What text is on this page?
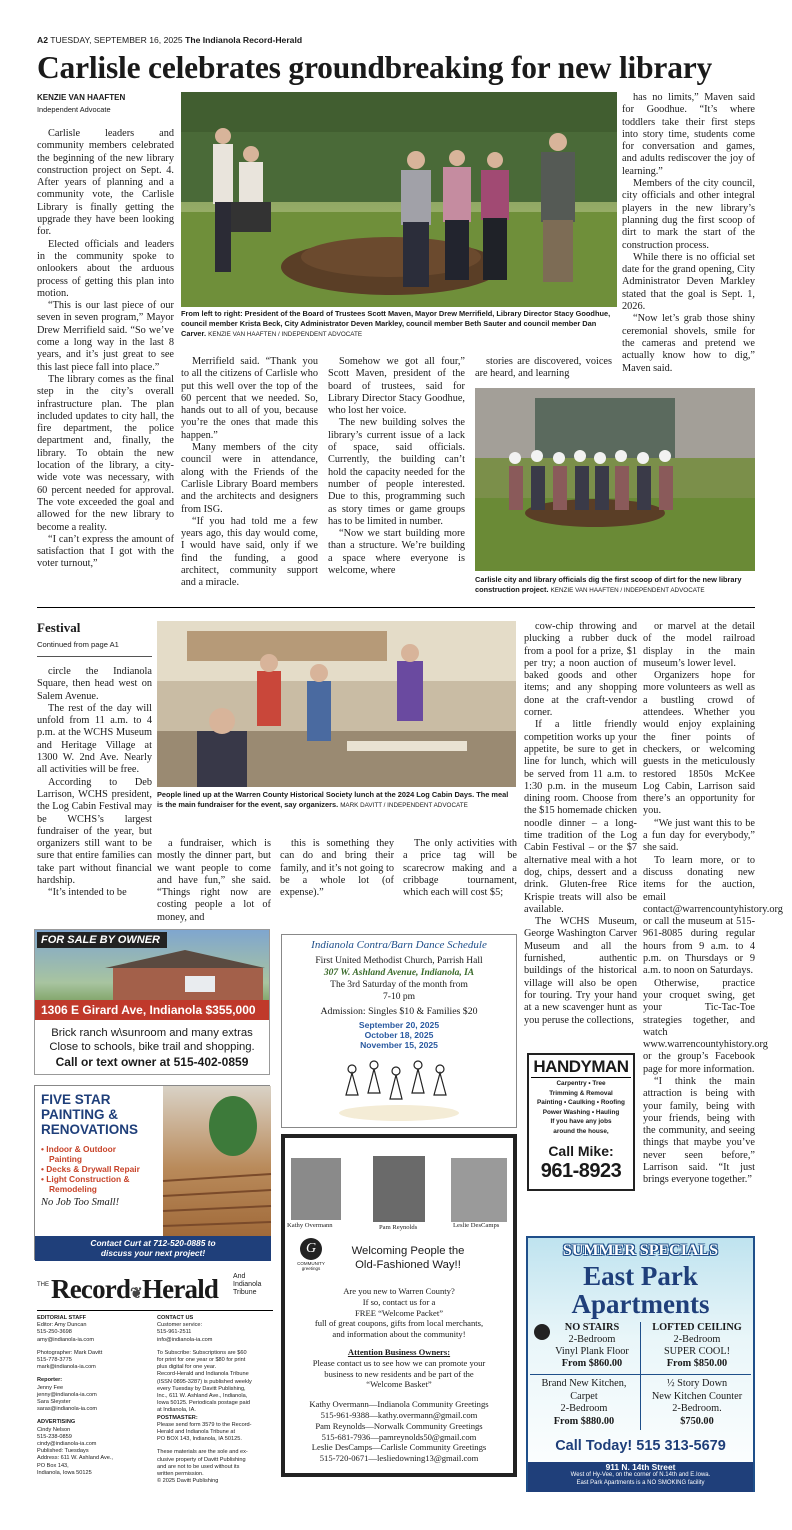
A2 TUESDAY, SEPTEMBER 16, 2025 The Indianola Record-Herald
Carlisle celebrates groundbreaking for new library
KENZIE VAN HAAFTEN
Independent Advocate

Carlisle leaders and community members celebrated the beginning of the new library construction project on Sept. 4. After years of planning and a community vote, the Carlisle Library is finally getting the upgrade they have been looking for.

Elected officials and leaders in the community spoke to onlookers about the arduous process of getting this plan into motion.

“This is our last piece of our seven in seven program,” Mayor Drew Merrifield said. “So we’ve come a long way in the last 8 years, and it’s just great to see this last piece fall into place.”

The library comes as the final step in the city’s overall infrastructure plan. The plan included updates to city hall, the fire department, the police department and, finally, the library. To obtain the new location of the library, a city-wide vote was necessary, with 60 percent needed for approval. The vote exceeded the goal and allowed for the new library to become a reality.

“I can’t express the amount of satisfaction that I got with the voter turnout,”

From left to right: President of the Board of Trustees Scott Maven, Mayor Drew Merrifield, Library Director Stacy Goodhue, council member Krista Beck, City Administrator Deven Markley, council member Beth Sauter and council member Dan Carver. KENZIE VAN HAAFTEN / INDEPENDENT ADVOCATE

Merrifield said. “Thank you to all the citizens of Carlisle who put this well over the top of the 60 percent that we needed. So, hands out to all of you, because you’re the ones that made this happen.”

Many members of the city council were in attendance, along with the Friends of the Carlisle Library Board members and the architects and designers from ISG.

“If you had told me a few years ago, this day would come, I would have said, only if we find the funding, a good architect, community support and a miracle.

Somehow we got all four,” Scott Maven, president of the board of trustees, said for Library Director Stacy Goodhue, who lost her voice.

The new building solves the library’s current issue of a lack of space, said officials. Currently, the building can’t hold the capacity needed for the number of people interested. Due to this, programming such as story times or game groups has to be limited in number.

“Now we start building more than a structure. We’re building a space where everyone is welcome, where

stories are discovered, voices are heard, and learning

has no limits,” Maven said for Goodhue. “It’s where toddlers take their first steps into story time, students come for conversation and games, and adults rediscover the joy of learning.”

Members of the city council, city officials and other integral players in the new library’s planning dug the first scoop of dirt to mark the start of the construction process.

While there is no official set date for the grand opening, City Administrator Deven Markley stated that the goal is Sept. 1, 2026.

“Now let’s grab those shiny ceremonial shovels, smile for the cameras and pretend we actually know how to dig,” Maven said.

Carlisle city and library officials dig the first scoop of dirt for the new library construction project. KENZIE VAN HAAFTEN / INDEPENDENT ADVOCATE
Festival
Continued from page A1

circle the Indianola Square, then head west on Salem Avenue.

The rest of the day will unfold from 11 a.m. to 4 p.m. at the WCHS Museum and Heritage Village at 1300 W. 2nd Ave. Nearly all activities will be free.

According to Deb Larrison, WCHS president, the Log Cabin Festival may be WCHS’s largest fundraiser of the year, but organizers still want to be sure that entire families can take part without financial hardship.

“It’s intended to be

People lined up at the Warren County Historical Society lunch at the 2024 Log Cabin Days. The meal is the main fundraiser for the event, say organizers. MARK DAVITT / INDEPENDENT ADVOCATE

a fundraiser, which is mostly the dinner part, but we want people to come and have fun,” she said. “Things right now are costing people a lot of money, and

this is something they can do and bring their family, and it’s not going to be a whole lot (of expense).”

The only activities with a price tag will be scarecrow making and a cribbage tournament, which each will cost $5;

cow-chip throwing and plucking a rubber duck from a pool for a prize, $1 per try; a noon auction of baked goods and other items; and any shopping done at the craft-vendor corner.

If a little friendly competition works up your appetite, be sure to get in line for lunch, which will be served from 11 a.m. to 1:30 p.m. in the museum dining room. Choose from the $15 homemade chicken noodle dinner – a long-time tradition of the Log Cabin Festival – or the $7 alternative meal with a hot dog, chips, dessert and a drink. Gluten-free Rice Krispie treats will also be available.

The WCHS Museum, George Washington Carver Museum and all the furnished, authentic buildings of the historical village will also be open for touring. Try your hand at a new scavenger hunt as you peruse the collections,

or marvel at the detail of the model railroad display in the main museum’s lower level.

Organizers hope for more volunteers as well as a bustling crowd of attendees. Whether you would enjoy explaining the finer points of checkers, or welcoming guests in the meticulously restored 1850s McKee Log Cabin, Larrison said there’s an opportunity for you.

“We just want this to be a fun day for everybody,” she said.

To learn more, or to discuss donating new items for the auction, email contact@warrencountyhistory.org or call the museum at 515-961-8085 during regular hours from 9 a.m. to 4 p.m. on Thursdays or 9 a.m. to noon on Saturdays.

Otherwise, practice your croquet swing, get your Tic-Tac-Toe strategies together, and watch www.warrencountyhistory.org or the group’s Facebook page for more information.

“I think the main attraction is being with your family, being with your friends, being with the community, and seeing things that maybe you’ve never seen before,” Larrison said. “It just brings everyone together.”

FOR SALE BY OWNER
1306 E Girard Ave, Indianola $355,000
Brick ranch w\sunroom and many extras
Close to schools, bike trail and shopping.
Call or text owner at 515-402-0859
FIVE STAR
PAINTING &
RENOVATIONS
• Indoor & Outdoor
Painting
• Decks & Drywall Repair
• Light Construction &
Remodeling
No Job Too Small!
Contact Curt at 712-520-0885 to
discuss your next project!
Indianola Contra/Barn Dance Schedule
First United Methodist Church, Parrish Hall
307 W. Ashland Avenue, Indianola, IA
The 3rd Saturday of the month from
7-10 pm
Admission: Singles $10 & Families $20
September 20, 2025
October 18, 2025
November 15, 2025
HANDYMAN
Carpentry • Tree
Trimming & Removal
Painting • Caulking • Roofing
Power Washing • Hauling
If you have any jobs
around the house,
Call Mike:
961-8923
Kathy Overmann	Pam Reynolds	Leslie DesCamps
G
COMMUNITY greetings
Welcoming People the
Old-Fashioned Way!!
Are you new to Warren County?
If so, contact us for a
FREE “Welcome Packet”
full of great coupons, gifts from local merchants,
and information about the community!
Attention Business Owners:
Please contact us to see how we can promote your
business to new residents and be part of the
“Welcome Basket”
Kathy Overmann—Indianola Community Greetings
515-961-9388—kathy.overmann@gmail.com
Pam Reynolds—Norwalk Community Greetings
515-681-7936—pamreynolds50@gmail.com
Leslie DesCamps—Carlisle Community Greetings
515-720-0671—lesliedowning13@gmail.com
SUMMER SPECIALS
East Park
Apartments
NO STAIRS
2-Bedroom
Vinyl Plank Floor
From $860.00
LOFTED CEILING
2-Bedroom
SUPER COOL!
From $850.00
Brand New Kitchen,
Carpet
2-Bedroom
From $880.00
½ Story Down
New Kitchen Counter
2-Bedroom.
$750.00
Call Today! 515 313-5679
911 N. 14th Street
West of Hy-Vee, on the corner of N.14th and E.Iowa.
East Park Apartments is a NO SMOKING facility
THE Record❦Herald And
Indianola
Tribune
EDITORIAL STAFF
Editor: Amy Duncan
515-250-3698
amy@indianola-ia.com
Photographer: Mark Davitt
515-778-3775
mark@indianola-ia.com
Reporter:
Jenny Fee
jenny@indianola-ia.com
Sara Sleyster
saras@indianola-ia.com
ADVERTISING
Cindy Nelson
515-238-0859
cindy@indianola-ia.com
Published: Tuesdays
Address: 611 W. Ashland Ave.,
PO Box 143,
Indianola, Iowa 50125
CONTACT US
Customer service:
515-961-2511
info@indianola-ia.com
To Subscribe: Subscriptions are $60
for print for one year or $80 for print
plus digital for one year.
Record-Herald and Indianola Tribune
(ISSN 0895-3287) is published weekly
every Tuesday by Davitt Publishing,
Inc., 611 W. Ashland Ave., Indianola,
Iowa 50125. Periodicals postage paid
at Indianola, IA.
POSTMASTER:
Please send form 3579 to the Record-
Herald and Indianola Tribune at
PO BOX 143, Indianola, IA 50125.
These materials are the sole and ex-
clusive property of Davitt Publishing
and are not to be used without its
written permission.
© 2025 Davitt Publishing
